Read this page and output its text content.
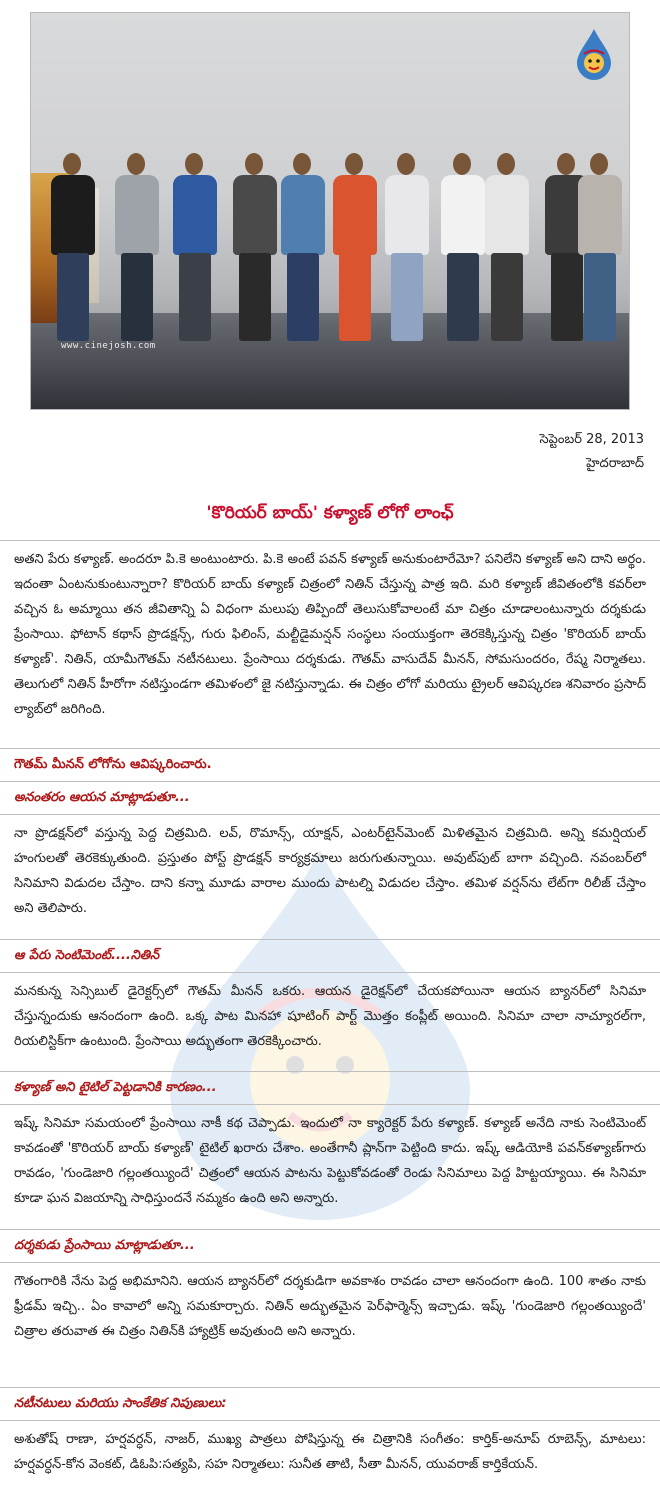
www.cinejosh.com
సెప్టెంబర్ 28, 2013
హైదరాబాద్
'కొరియర్ బాయ్' కళ్యాణ్ లోగో లాంఛ్
అతని పేరు కళ్యాణ్. అందరూ పి.కె అంటుంటారు. పి.కె అంటే పవన్ కళ్యాణ్ అనుకుంటారేమో? పనిలేని కళ్యాణ్ అని దాని అర్థం. ఇదంతా ఏంటనుకుంటున్నారా? కొరియర్ బాయ్ కళ్యాణ్ చిత్రంలో నితిన్ చేస్తున్న పాత్ర ఇది. మరి కళ్యాణ్ జీవితంలోకి కవర్‌లా వచ్చిన ఓ అమ్మాయి తన జీవితాన్ని ఏ విధంగా మలుపు తిప్పిందో తెలుసుకోవాలంటే మా చిత్రం చూడాలంటున్నారు దర్శకుడు ప్రేంసాయి. ఫోటాన్ కథాస్ ప్రొడక్షన్స్, గురు ఫిలింస్, మల్టీడైమన్షన్ సంస్థలు సంయుక్తంగా తెరకెక్కిస్తున్న చిత్రం 'కొరియర్ బాయ్ కళ్యాణ్'. నితిన్, యామీగౌతమ్ నటీనటులు. ప్రేంసాయి దర్శకుడు. గౌతమ్ వాసుదేవ్ మీనన్, సోమసుందరం, రేష్మ నిర్మాతలు. తెలుగులో నితిన్ హీరోగా నటిస్తుండగా తమిళంలో జై నటిస్తున్నాడు. ఈ చిత్రం లోగో మరియు ట్రైలర్ ఆవిష్కరణ శనివారం ప్రసాద్ ల్యాబ్‌లో జరిగింది.
గౌతమ్ మీనన్ లోగోను ఆవిష్కరించారు.
అనంతరం ఆయన మాట్లాడుతూ...
నా ప్రొడక్షన్‌లో వస్తున్న పెద్ద చిత్రమిది. లవ్, రొమాన్స్, యాక్షన్, ఎంటర్‌టైన్‌మెంట్ మిళితమైన చిత్రమిది. అన్ని కమర్షియల్ హంగులతో తెరకెక్కుతుంది. ప్రస్తుతం పోస్ట్ ప్రొడక్షన్ కార్యక్రమాలు జరుగుతున్నాయి. అవుట్‌పుట్ బాగా వచ్చింది. నవంబర్‌లో సినిమాని విడుదల చేస్తాం. దాని కన్నా మూడు వారాల ముందు పాటల్ని విడుదల చేస్తాం. తమిళ వర్షన్‌ను లేట్‌గా రిలీజ్ చేస్తాం అని తెలిపారు.
ఆ పేరు సెంటిమెంట్....నితిన్
మనకున్న సెన్సిబుల్ డైరెక్టర్స్‌లో గౌతమ్ మీనన్ ఒకరు. ఆయన డైరెక్షన్‌లో చేయకపోయినా ఆయన బ్యానర్‌లో సినిమా చేస్తున్నందుకు ఆనందంగా ఉంది. ఒక్క పాట మినహా షూటింగ్ పార్ట్ మొత్తం కంప్లీట్ అయింది. సినిమా చాలా నాచ్యూరల్‌గా, రియలిస్టిక్‌గా ఉంటుంది. ప్రేంసాయి అద్భుతంగా తెరకెక్కించారు.
కళ్యాణ్ అని టైటిల్ పెట్టడానికి కారణం...
ఇష్క్ సినిమా సమయంలో ప్రేంసాయి నాకీ కథ చెప్పాడు. ఇందులో నా క్యారెక్టర్ పేరు కళ్యాణ్. కళ్యాణ్ అనేది నాకు సెంటిమెంట్ కావడంతో 'కొరియర్ బాయ్ కళ్యాణ్' టైటిల్ ఖరారు చేశాం. అంతేగానీ ప్లాన్‌గా పెట్టింది కాదు. ఇష్క్ ఆడియోకి పవన్‌కళ్యాణ్‌గారు రావడం, 'గుండెజారి గల్లంతయ్యిందే' చిత్రంలో ఆయన పాటను పెట్టుకోవడంతో రెండు సినిమాలు పెద్ద హిట్టయ్యాయి. ఈ సినిమా కూడా ఘన విజయాన్ని సాధిస్తుందనే నమ్మకం ఉంది అని అన్నారు.
దర్శకుడు ప్రేంసాయి మాట్లాడుతూ...
గౌతంగారికి నేను పెద్ద అభిమానిని. ఆయన బ్యానర్‌లో దర్శకుడిగా అవకాశం రావడం చాలా ఆనందంగా ఉంది. 100 శాతం నాకు ఫ్రీడమ్ ఇచ్చి.. ఏం కావాలో అన్ని సమకూర్చారు. నితిన్ అద్భుతమైన పెర్‌ఫార్మెన్స్ ఇచ్చాడు. ఇష్క్ 'గుండెజారి గల్లంతయ్యిందే' చిత్రాల తరువాత ఈ చిత్రం నితిన్‌కి హ్యాట్రిక్ అవుతుంది అని అన్నారు.
నటీనటులు మరియు సాంకేతిక నిపుణులు:
అశుతోష్ రాణా, హర్షవర్ధన్, నాజర్, ముఖ్య పాత్రలు పోషిస్తున్న ఈ చిత్రానికి సంగీతం: కార్తిక్-అనూప్ రూబెన్స్, మాటలు: హర్షవర్ధన్-కోన వెంకట్, డిఓపి:సత్యపి, సహ నిర్మాతలు: సునీత తాటి, సీతా మీనన్, యువరాజ్ కార్తికేయన్.
